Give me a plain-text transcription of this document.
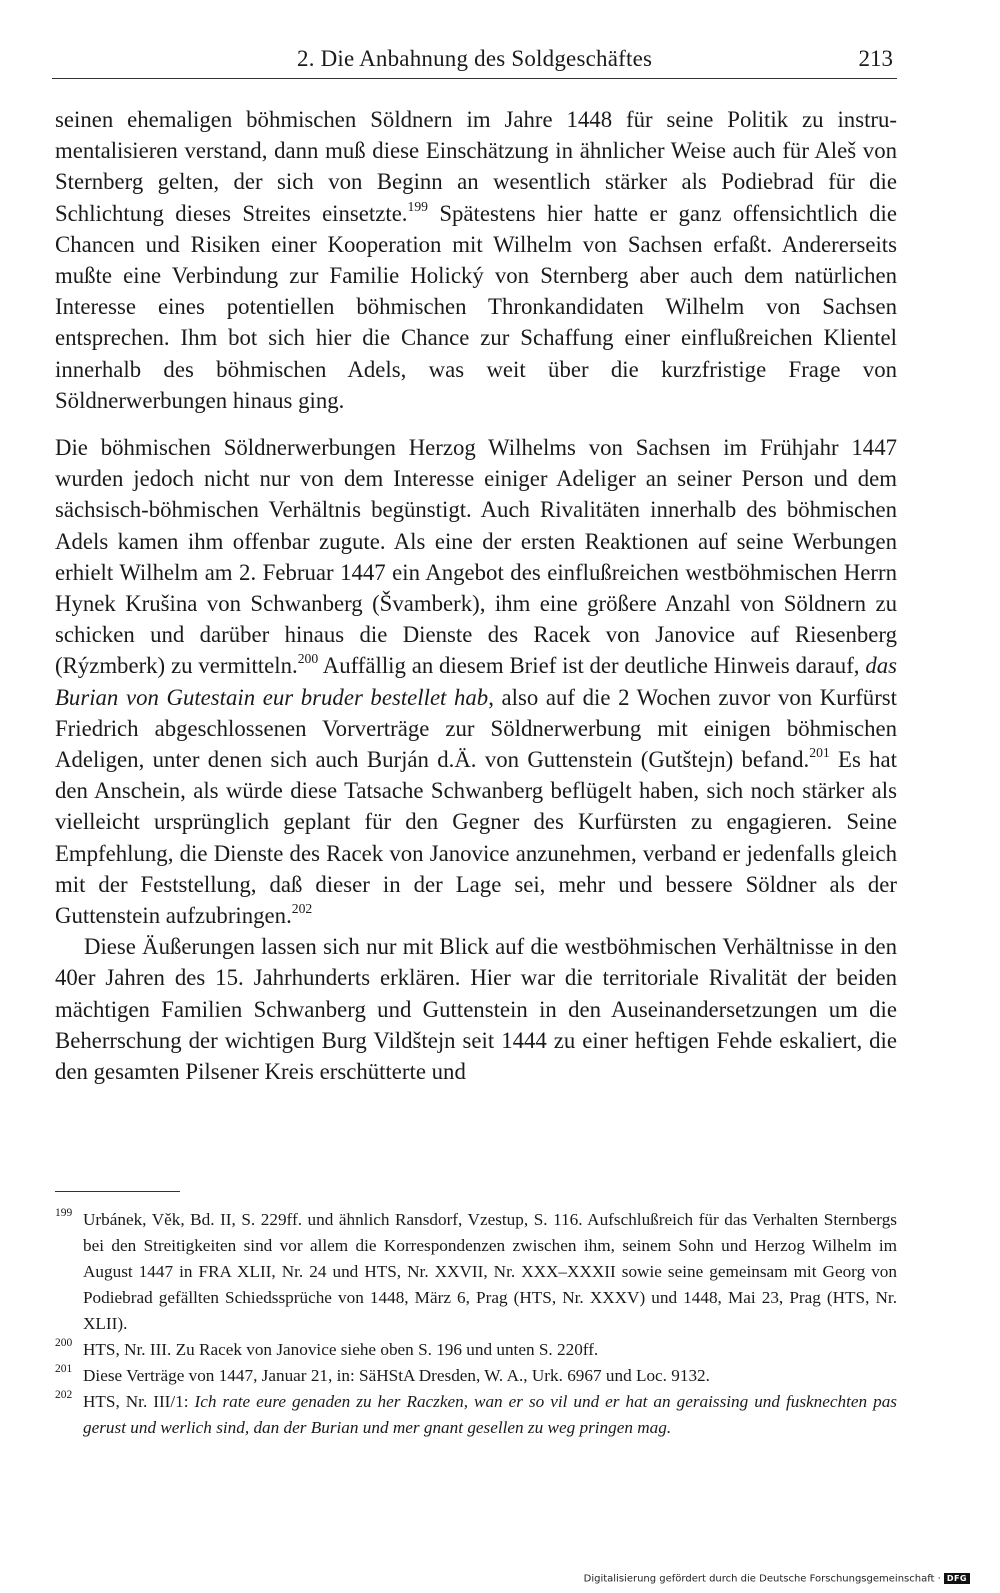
2. Die Anbahnung des Soldgeschäftes	213

seinen ehemaligen böhmischen Söldnern im Jahre 1448 für seine Politik zu instrumentalisieren verstand, dann muß diese Einschätzung in ähnlicher Weise auch für Aleš von Sternberg gelten, der sich von Beginn an wesentlich stärker als Podiebrad für die Schlichtung dieses Streites einsetzte.$^{199}$ Spätestens hier hatte er ganz offensichtlich die Chancen und Risiken einer Kooperation mit Wilhelm von Sachsen erfaßt. Andererseits mußte eine Verbindung zur Familie Holický von Sternberg aber auch dem natürlichen Interesse eines potentiellen böhmischen Thronkandidaten Wilhelm von Sachsen entsprechen. Ihm bot sich hier die Chance zur Schaffung einer einflußreichen Klientel innerhalb des böhmischen Adels, was weit über die kurzfristige Frage von Söldnerwerbungen hinaus ging.

Die böhmischen Söldnerwerbungen Herzog Wilhelms von Sachsen im Frühjahr 1447 wurden jedoch nicht nur von dem Interesse einiger Adeliger an seiner Person und dem sächsisch-böhmischen Verhältnis begünstigt. Auch Rivalitäten innerhalb des böhmischen Adels kamen ihm offenbar zugute. Als eine der ersten Reaktionen auf seine Werbungen erhielt Wilhelm am 2. Februar 1447 ein Angebot des einflußreichen westböhmischen Herrn Hynek Krušina von Schwanberg (Švamberk), ihm eine größere Anzahl von Söldnern zu schicken und darüber hinaus die Dienste des Racek von Janovice auf Riesenberg (Rýzmberk) zu vermitteln.$^{200}$ Auffällig an diesem Brief ist der deutliche Hinweis darauf, das Burian von Gutestain eur bruder bestellet hab, also auf die 2 Wochen zuvor von Kurfürst Friedrich abgeschlossenen Vorverträge zur Söldnerwerbung mit einigen böhmischen Adeligen, unter denen sich auch Burján d.Ä. von Guttenstein (Gutštejn) befand.$^{201}$ Es hat den Anschein, als würde diese Tatsache Schwanberg beflügelt haben, sich noch stärker als vielleicht ursprünglich geplant für den Gegner des Kurfürsten zu engagieren. Seine Empfehlung, die Dienste des Racek von Janovice anzunehmen, verband er jedenfalls gleich mit der Feststellung, daß dieser in der Lage sei, mehr und bessere Söldner als der Guttenstein aufzubringen.$^{202}$

Diese Äußerungen lassen sich nur mit Blick auf die westböhmischen Verhältnisse in den 40er Jahren des 15. Jahrhunderts erklären. Hier war die territoriale Rivalität der beiden mächtigen Familien Schwanberg und Guttenstein in den Auseinandersetzungen um die Beherrschung der wichtigen Burg Vildštejn seit 1444 zu einer heftigen Fehde eskaliert, die den gesamten Pilsener Kreis erschütterte und

199 Urbánek, Věk, Bd. II, S. 229ff. und ähnlich Ransdorf, Vzestup, S. 116. Aufschlußreich für das Verhalten Sternbergs bei den Streitigkeiten sind vor allem die Korrespondenzen zwischen ihm, seinem Sohn und Herzog Wilhelm im August 1447 in FRA XLII, Nr. 24 und HTS, Nr. XXVII, Nr. XXX–XXXII sowie seine gemeinsam mit Georg von Podiebrad gefällten Schiedssprüche von 1448, März 6, Prag (HTS, Nr. XXXV) und 1448, Mai 23, Prag (HTS, Nr. XLII).

200 HTS, Nr. III. Zu Racek von Janovice siehe oben S. 196 und unten S. 220ff.

201 Diese Verträge von 1447, Januar 21, in: SäHStA Dresden, W. A., Urk. 6967 und Loc. 9132.

202 HTS, Nr. III/1: Ich rate eure genaden zu her Raczken, wan er so vil und er hat an geraissing und fusknechten pas gerust und werlich sind, dan der Burian und mer gnant gesellen zu weg pringen mag.

Digitalisierung gefördert durch die Deutsche Forschungsgemeinschaft · DFG
